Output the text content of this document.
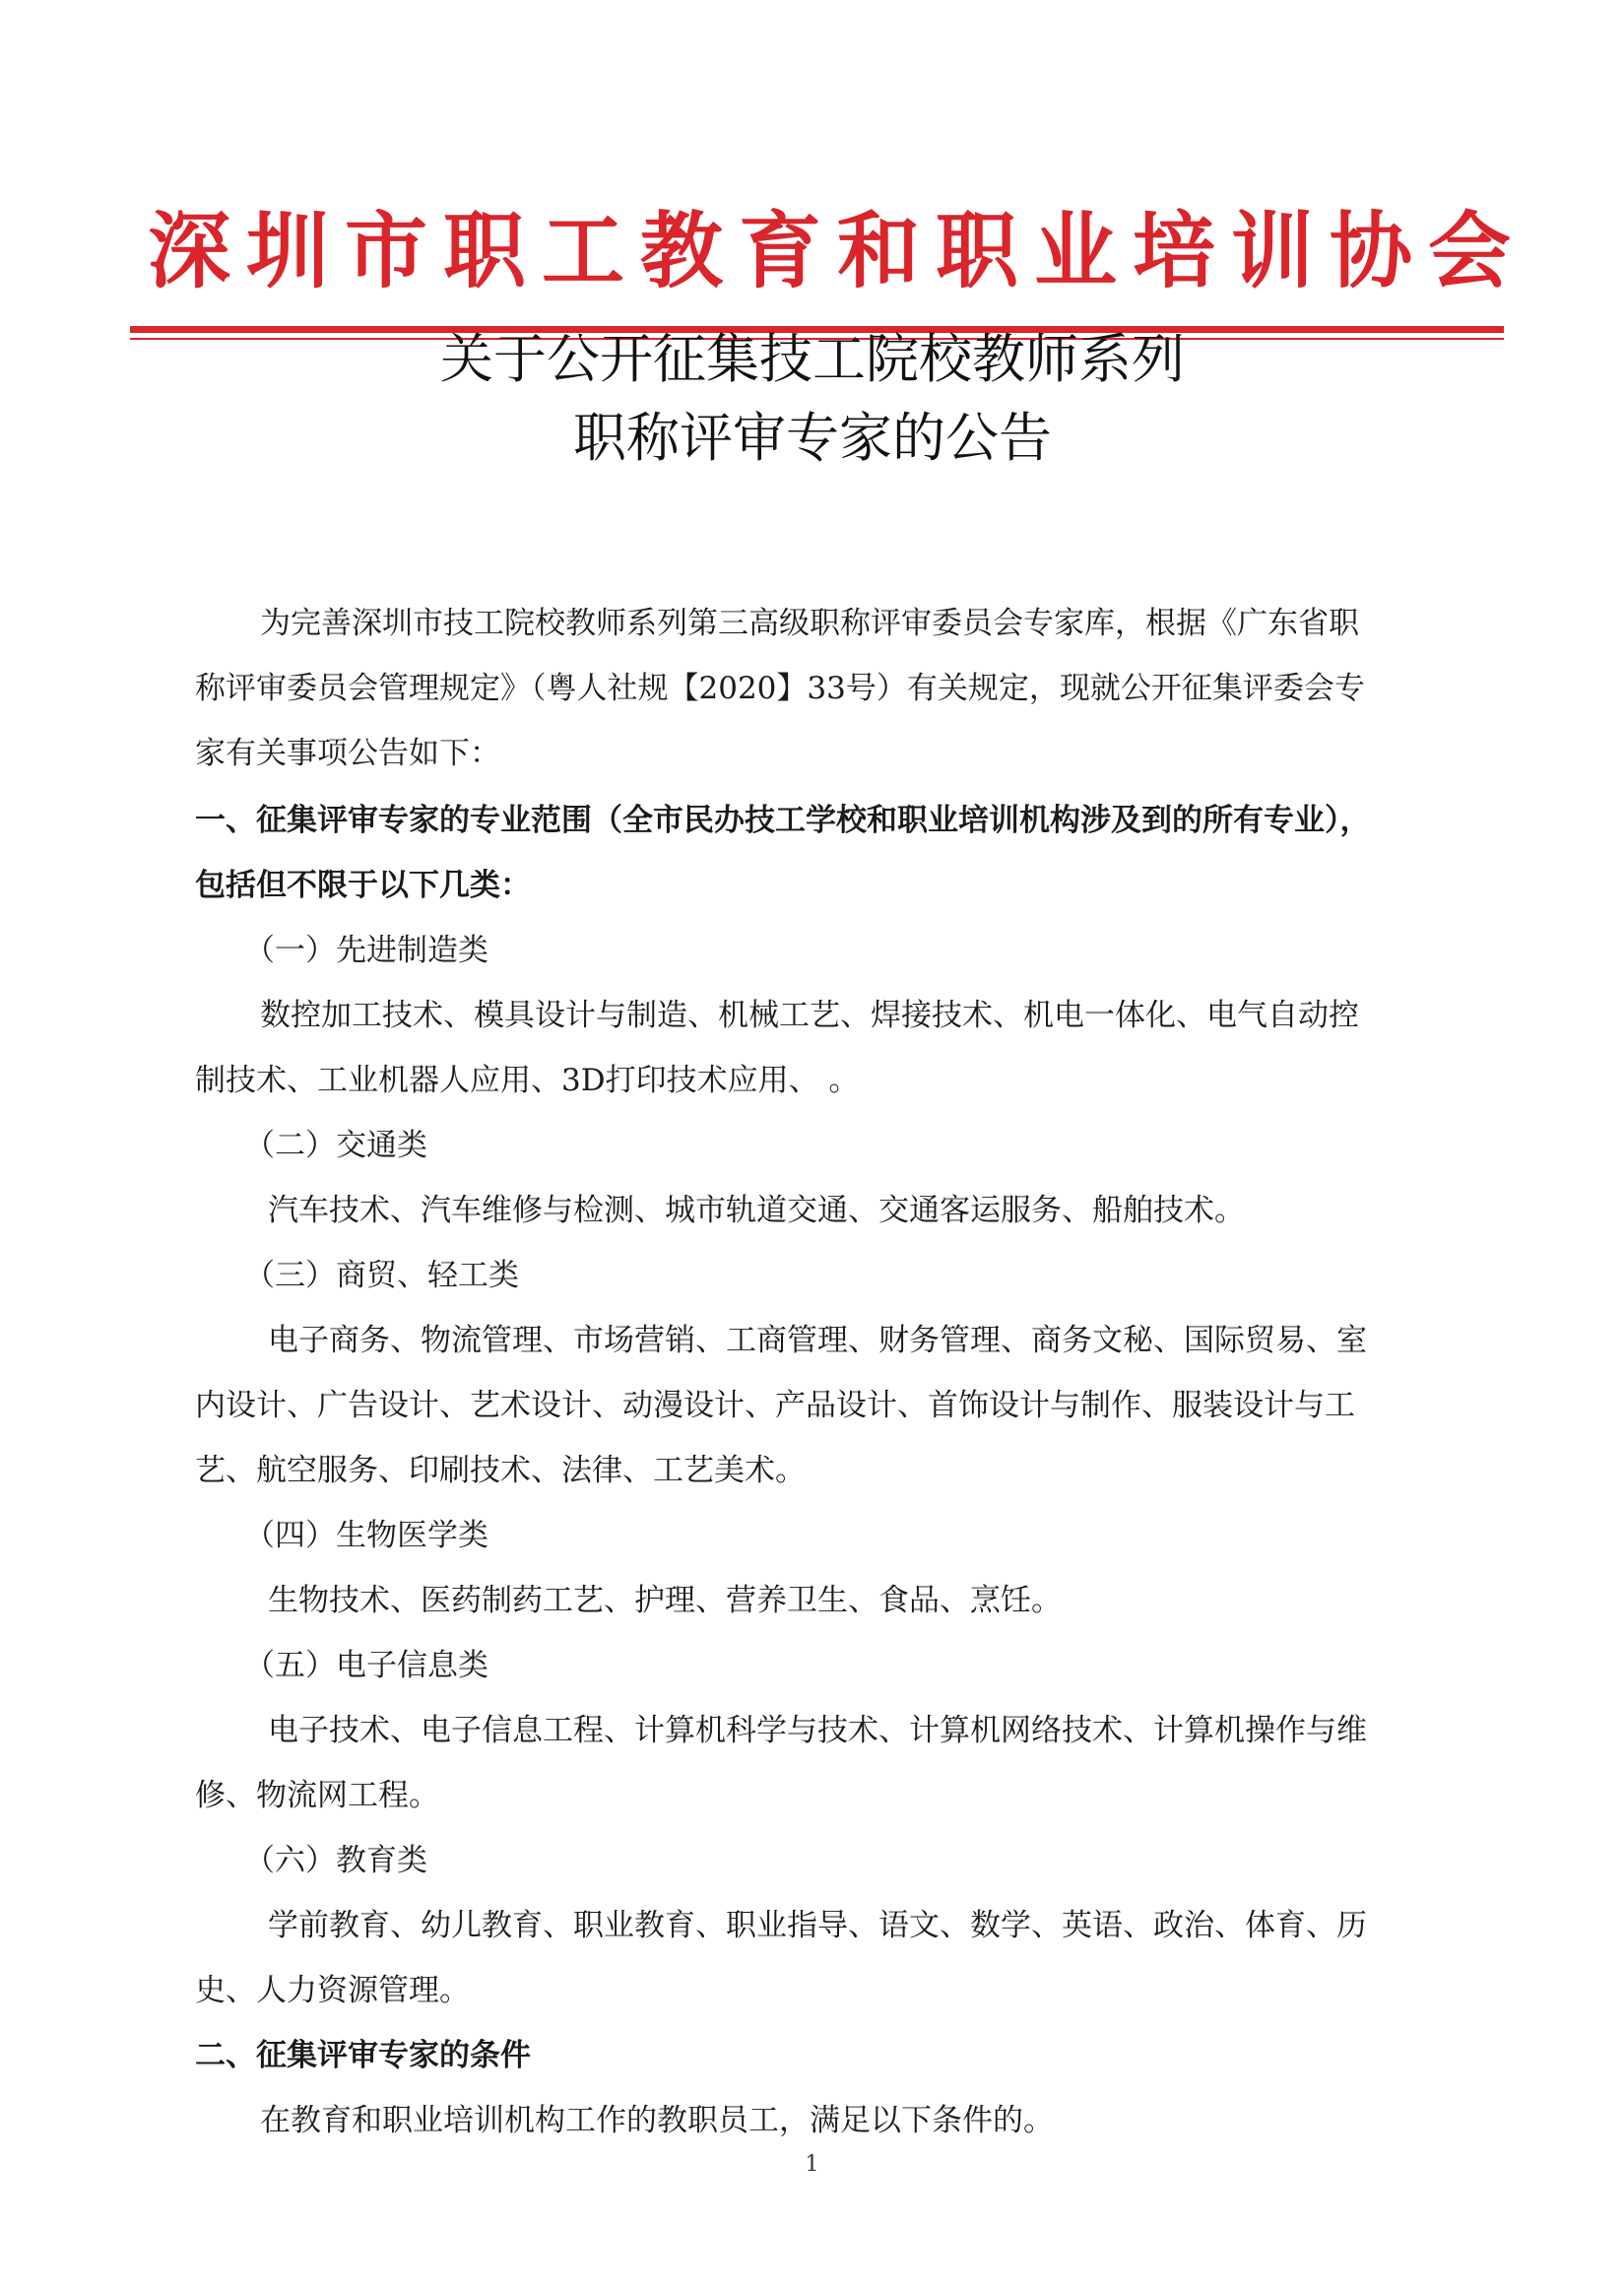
深圳市职工教育和职业培训协会
关于公开征集技工院校教师系列
职称评审专家的公告
为完善深圳市技工院校教师系列第三高级职称评审委员会专家库，根据《广东省职
称评审委员会管理规定》（粤人社规【2020】33号）有关规定，现就公开征集评委会专
家有关事项公告如下：
一、征集评审专家的专业范围（全市民办技工学校和职业培训机构涉及到的所有专业），
包括但不限于以下几类：
（一）先进制造类
数控加工技术、模具设计与制造、机械工艺、焊接技术、机电一体化、电气自动控
制技术、工业机器人应用、3D打印技术应用、 。
（二）交通类
汽车技术、汽车维修与检测、城市轨道交通、交通客运服务、船舶技术。
（三）商贸、轻工类
电子商务、物流管理、市场营销、工商管理、财务管理、商务文秘、国际贸易、室
内设计、广告设计、艺术设计、动漫设计、产品设计、首饰设计与制作、服装设计与工
艺、航空服务、印刷技术、法律、工艺美术。
（四）生物医学类
生物技术、医药制药工艺、护理、营养卫生、食品、烹饪。
（五）电子信息类
电子技术、电子信息工程、计算机科学与技术、计算机网络技术、计算机操作与维
修、物流网工程。
（六）教育类
学前教育、幼儿教育、职业教育、职业指导、语文、数学、英语、政治、体育、历
史、人力资源管理。
二、征集评审专家的条件
在教育和职业培训机构工作的教职员工，满足以下条件的。
1
